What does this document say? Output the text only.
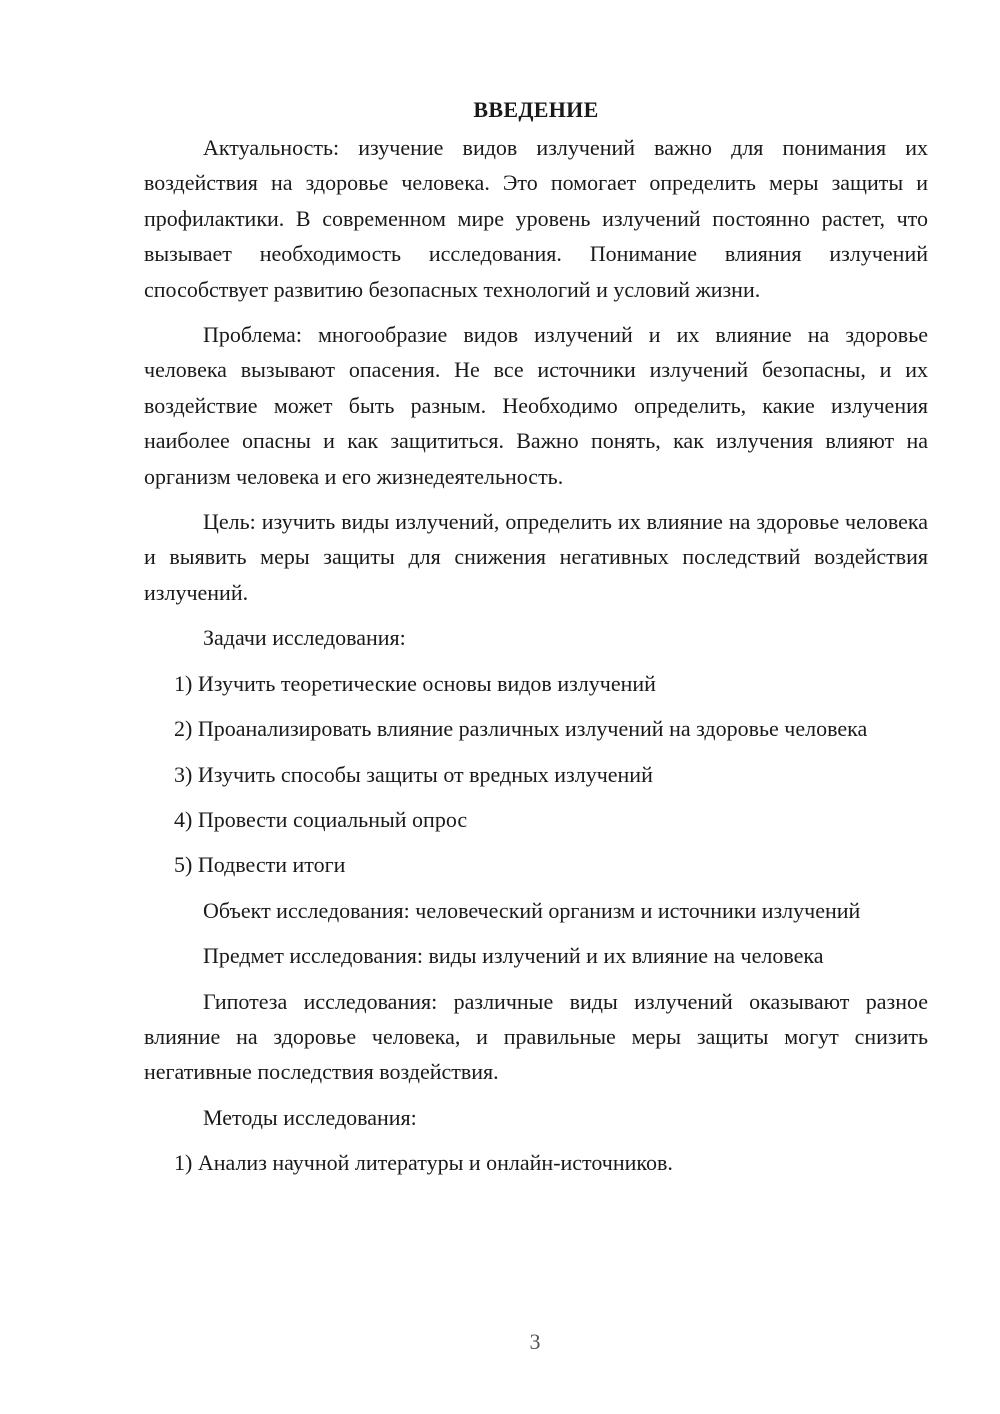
ВВЕДЕНИЕ

Актуальность: изучение видов излучений важно для понимания их воздействия на здоровье человека. Это помогает определить меры защиты и профилактики. В современном мире уровень излучений постоянно растет, что вызывает необходимость исследования. Понимание влияния излучений способствует развитию безопасных технологий и условий жизни.

Проблема: многообразие видов излучений и их влияние на здоровье человека вызывают опасения. Не все источники излучений безопасны, и их воздействие может быть разным. Необходимо определить, какие излучения наиболее опасны и как защититься. Важно понять, как излучения влияют на организм человека и его жизнедеятельность.

Цель: изучить виды излучений, определить их влияние на здоровье человека и выявить меры защиты для снижения негативных последствий воздействия излучений.

Задачи исследования:

1) Изучить теоретические основы видов излучений

2) Проанализировать влияние различных излучений на здоровье человека

3) Изучить способы защиты от вредных излучений

4) Провести социальный опрос

5) Подвести итоги

Объект исследования: человеческий организм и источники излучений

Предмет исследования: виды излучений и их влияние на человека

Гипотеза исследования: различные виды излучений оказывают разное влияние на здоровье человека, и правильные меры защиты могут снизить негативные последствия воздействия.

Методы исследования:

1) Анализ научной литературы и онлайн-источников.

3
